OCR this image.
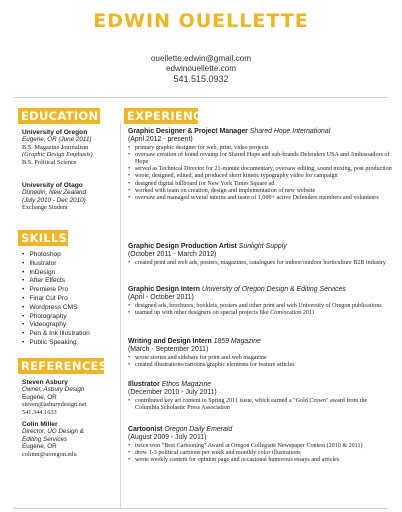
EDWIN OUELLETTE
ouellette.edwin@gmail.com
edwinouellette.com
541.515.0932
EDUCATION EXPERIENCE
SKILLS
REFERENCES
University of Oregon
Eugene, OR (June 2011)
B.S. Magazine Journalism
(Graphic Design Emphasis)
B.S. Political Science
University of Otago
Dunedin, New Zealand
(July 2010 - Dec 2010)
Exchange Student
• Photoshop
• Illustrator
• InDesign
• After Effects
• Premiere Pro
• Final Cut Pro
• Wordpress CMS
• Photography
• Videography
• Pen & Ink Illustration
• Public Speaking
Steven Asbury
Owner, Asbury Design
Eugene, OR
steven@asburydesign.net
541.344.1633
Colin Miller
Director, UO Design &
Editing Services
Eugene, OR
colinm@uoregon.edu
Graphic Designer & Project Manager Shared Hope International
(April 2012 - present)
• primary graphic designer for web, print, video projects
• oversaw creation of brand revamp for Shared Hope and sub-brands Defenders USA and Ambassadors of Hope
• served as Technical Director for 21-minute documentary, oversaw editing, sound mixing, post production
• wrote, designed, edited, and produced short kinetic typography video for campaign
• designed digital billboard for New York Times Square ad
• worked with team on creation, design and implementation of new website
• oversaw and managed several interns and team of 1,000+ active Defenders members and volunteers
Graphic Design Production Artist Sunlight Supply
(October 2011 - March 2012)
• created print and web ads, posters, magazines, catalogues for indoor/outdoor horticulture B2B industry
Graphic Design Intern University of Oregon Design & Editing Services
(April - October 2011)
• designed ads, brochures, booklets, posters and other print and web University of Oregon publications
• teamed up with other designers on special projects like Convocation 2011
Writing and Design Intern 1859 Magazine
(March - September 2011)
• wrote stories and sidebars for print and web magazine
• created illustrations/cartoons/graphic elements for feature articles
Illustrator Ethos Magazine
(December 2010 - July 2011)
• contributed key art content to Spring 2011 issue, which earned a "Gold Crown" award from the Columbia Scholastic Press Association
Cartoonist Oregon Daily Emerald
(August 2009 - July 2011)
• twice won "Best Cartooning" Award at Oregon Collegiate Newspaper Contest (2010 & 2011)
• drew 1-3 political cartoons per week and monthly color illustrations
• wrote weekly content for opinion page and occasional humorous essays and articles
